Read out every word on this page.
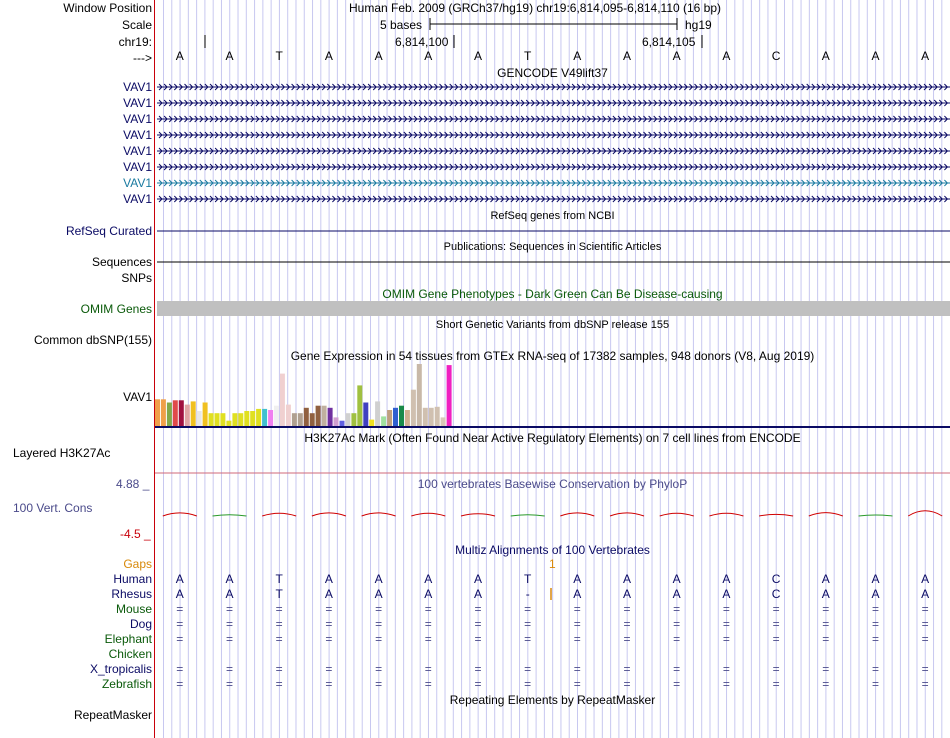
Window Position	Human Feb. 2009 (GRCh37/hg19) chr19:6,814,095-6,814,110 (16 bp)
Scale	5 bases	hg19
chr19:	6,814,100	6,814,105
--->	A	A	T	A	A	A	A	T	A	A	A	A	C	A	A	A
GENCODE V49lift37
VAV1
VAV1
VAV1
VAV1
VAV1
VAV1
VAV1
VAV1
RefSeq genes from NCBI
RefSeq Curated
Publications: Sequences in Scientific Articles
Sequences
SNPs
OMIM Gene Phenotypes - Dark Green Can Be Disease-causing
OMIM Genes
Short Genetic Variants from dbSNP release 155
Common dbSNP(155)
Gene Expression in 54 tissues from GTEx RNA-seq of 17382 samples, 948 donors (V8, Aug 2019)
VAV1
H3K27Ac Mark (Often Found Near Active Regulatory Elements) on 7 cell lines from ENCODE
Layered H3K27Ac
4.88 _	100 vertebrates Basewise Conservation by PhyloP
100 Vert. Cons
-4.5 _
Multiz Alignments of 100 Vertebrates
Gaps	1
Human	A	A	T	A	A	A	A	T	A	A	A	A	C	A	A	A
Rhesus	A	A	T	A	A	A	A	-	A	A	A	A	C	A	A	A
Mouse	=	=	=	=	=	=	=	=	=	=	=	=	=	=	=	=
Dog	=	=	=	=	=	=	=	=	=	=	=	=	=	=	=	=
Elephant	=	=	=	=	=	=	=	=	=	=	=	=	=	=	=	=
Chicken
X_tropicalis	=	=	=	=	=	=	=	=	=	=	=	=	=	=	=	=
Zebrafish	=	=	=	=	=	=	=	=	=	=	=	=	=	=	=	=
Repeating Elements by RepeatMasker
RepeatMasker
